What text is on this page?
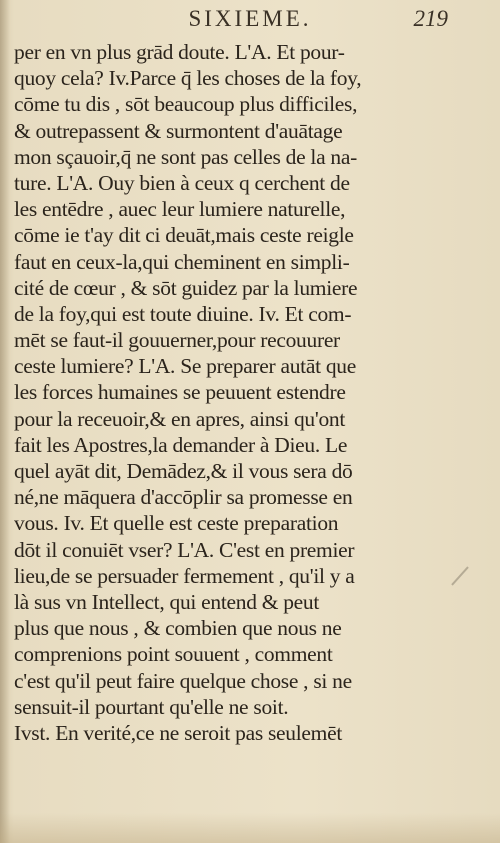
SIXIEME.	219
per en vn plus grād doute. L'A. Et pour-
quoy cela? Iv.Parce q̄ les choses de la foy,
cōme tu dis , sōt beaucoup plus difficiles,
& outrepassent & surmontent d'auātage
mon sçauoir,q̄ ne sont pas celles de la na-
ture. L'A. Ouy bien à ceux q cerchent de
les entēdre , auec leur lumiere naturelle,
cōme ie t'ay dit ci deuāt,mais ceste reigle
faut en ceux-la,qui cheminent en simpli-
cité de cœur , & sōt guidez par la lumiere
de la foy,qui est toute diuine. Iv. Et com-
mēt se faut-il gouuerner,pour recouurer
ceste lumiere? L'A. Se preparer autāt que
les forces humaines se peuuent estendre
pour la receuoir,& en apres, ainsi qu'ont
fait les Apostres,la demander à Dieu. Le
quel ayāt dit, Demādez,& il vous sera dō
né,ne māquera d'accōplir sa promesse en
vous. Iv. Et quelle est ceste preparation
dōt il conuiēt vser? L'A. C'est en premier
lieu,de se persuader fermement , qu'il y a
là sus vn Intellect, qui entend & peut
plus que nous , & combien que nous ne
comprenions point souuent , comment
c'est qu'il peut faire quelque chose , si ne
sensuit-il pourtant qu'elle ne soit.
Ivst. En verité,ce ne seroit pas seulemēt
